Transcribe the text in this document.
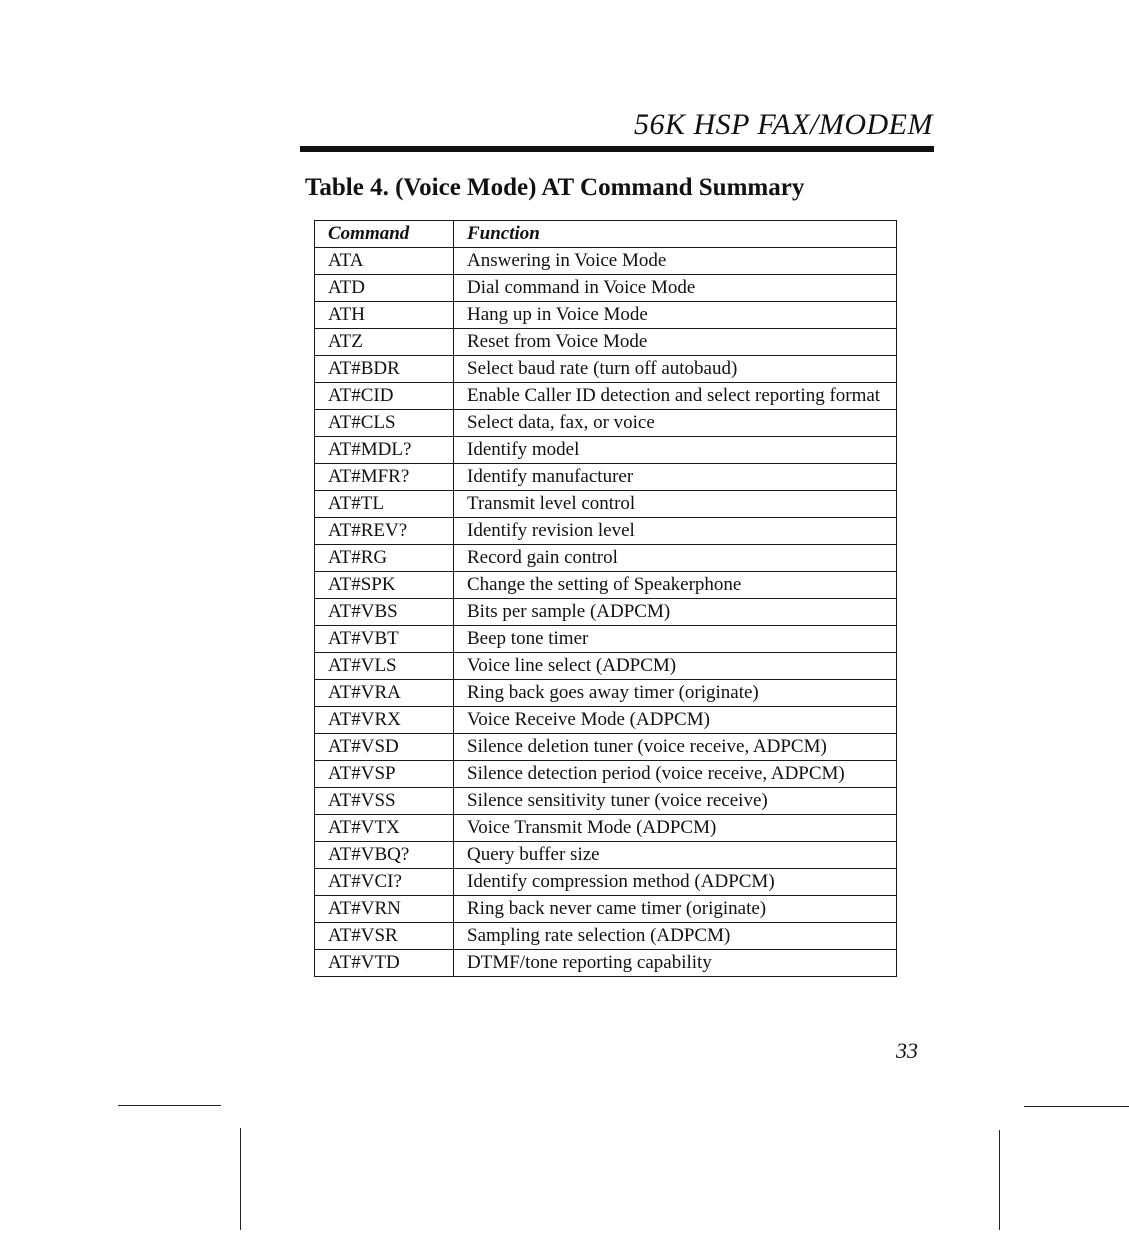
56K HSP FAX/MODEM
Table 4. (Voice Mode) AT Command Summary
Command	Function
ATA	Answering in Voice Mode
ATD	Dial command in Voice Mode
ATH	Hang up in Voice Mode
ATZ	Reset from Voice Mode
AT#BDR	Select baud rate (turn off autobaud)
AT#CID	Enable Caller ID detection and select reporting format
AT#CLS	Select data, fax, or voice
AT#MDL?	Identify model
AT#MFR?	Identify manufacturer
AT#TL	Transmit level control
AT#REV?	Identify revision level
AT#RG	Record gain control
AT#SPK	Change the setting of Speakerphone
AT#VBS	Bits per sample (ADPCM)
AT#VBT	Beep tone timer
AT#VLS	Voice line select (ADPCM)
AT#VRA	Ring back goes away timer (originate)
AT#VRX	Voice Receive Mode (ADPCM)
AT#VSD	Silence deletion tuner (voice receive, ADPCM)
AT#VSP	Silence detection period (voice receive, ADPCM)
AT#VSS	Silence sensitivity tuner (voice receive)
AT#VTX	Voice Transmit Mode (ADPCM)
AT#VBQ?	Query buffer size
AT#VCI?	Identify compression method (ADPCM)
AT#VRN	Ring back never came timer (originate)
AT#VSR	Sampling rate selection (ADPCM)
AT#VTD	DTMF/tone reporting capability
33
